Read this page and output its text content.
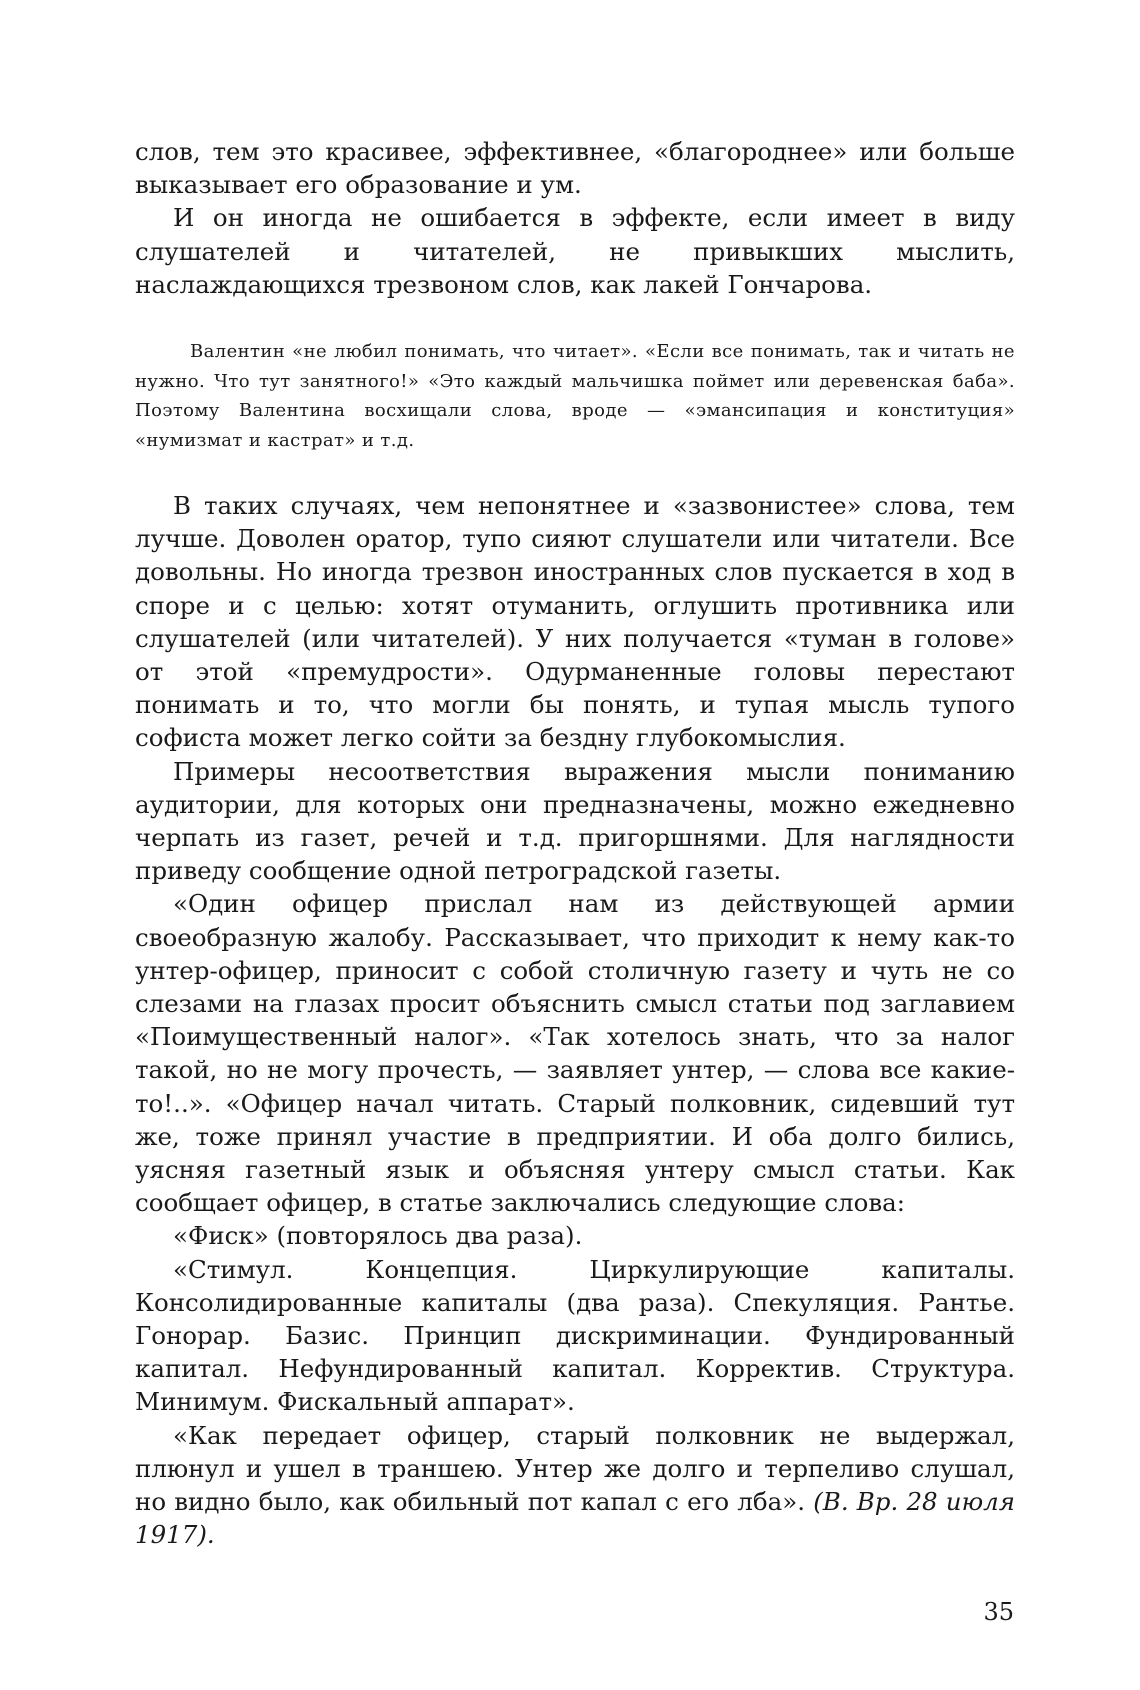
слов, тем это красивее, эффективнее, «благороднее» или больше выказывает его образование и ум.

И он иногда не ошибается в эффекте, если имеет в виду слушателей и читателей, не привыкших мыслить, наслаждающихся трезвоном слов, как лакей Гончарова.

Валентин «не любил понимать, что читает». «Если все понимать, так и читать не нужно. Что тут занятного!» «Это каждый мальчишка поймет или деревенская баба». Поэтому Валентина восхищали слова, вроде — «эмансипация и конституция» «нумизмат и кастрат» и т.д.

В таких случаях, чем непонятнее и «зазвонистее» слова, тем лучше. Доволен оратор, тупо сияют слушатели или читатели. Все довольны. Но иногда трезвон иностранных слов пускается в ход в споре и с целью: хотят отуманить, оглушить противника или слушателей (или читателей). У них получается «туман в голове» от этой «премудрости». Одурманенные головы перестают понимать и то, что могли бы понять, и тупая мысль тупого софиста может легко сойти за бездну глубокомыслия.

Примеры несоответствия выражения мысли пониманию аудитории, для которых они предназначены, можно ежедневно черпать из газет, речей и т.д. пригоршнями. Для наглядности приведу сообщение одной петроградской газеты.

«Один офицер прислал нам из действующей армии своеобразную жалобу. Рассказывает, что приходит к нему как-то унтер-офицер, приносит с собой столичную газету и чуть не со слезами на глазах просит объяснить смысл статьи под заглавием «Поимущественный налог». «Так хотелось знать, что за налог такой, но не могу прочесть, — заявляет унтер, — слова все какие-то!..». «Офицер начал читать. Старый полковник, сидевший тут же, тоже принял участие в предприятии. И оба долго бились, уясняя газетный язык и объясняя унтеру смысл статьи. Как сообщает офицер, в статье заключались следующие слова:

«Фиск» (повторялось два раза).

«Стимул. Концепция. Циркулирующие капиталы. Консолидированные капиталы (два раза). Спекуляция. Рантье. Гонорар. Базис. Принцип дискриминации. Фундированный капитал. Нефундированный капитал. Корректив. Структура. Минимум. Фискальный аппарат».

«Как передает офицер, старый полковник не выдержал, плюнул и ушел в траншею. Унтер же долго и терпеливо слушал, но видно было, как обильный пот капал с его лба». (В. Вр. 28 июля 1917).

35
